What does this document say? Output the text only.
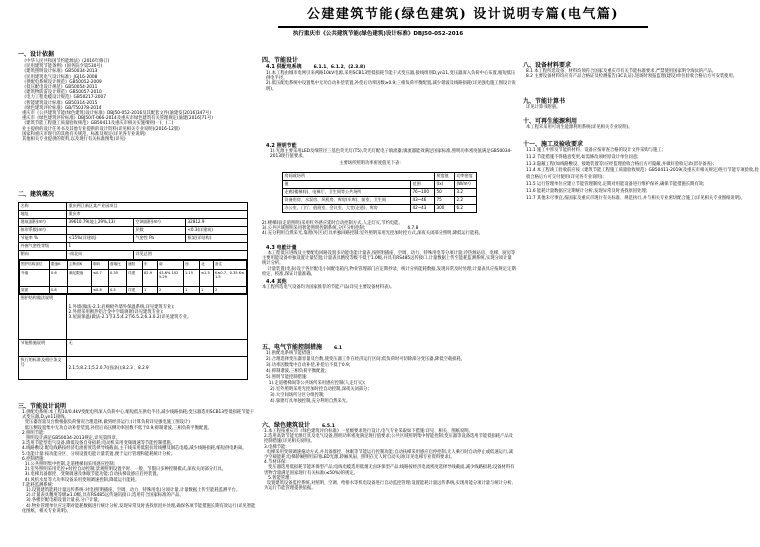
公建建筑节能(绿色建筑) 设计说明专篇(电气篇)
执行重庆市《公共建筑节能(绿色建筑)设计标准》DBJ50-052-2016
一、设计依据
《中华人民共和国节约能源法》(2016年修订)
《民用建筑节能条例》(国务院令第530号)
《建筑照明设计标准》GB50034-2013
《民用建筑电气设计标准》JGJ16-2008
《供配电系统设计规范》GB50052-2009
《低压配电设计规范》GB50054-2011
《建筑物防雷设计规范》GB50057-2010
《电力工程电缆设计规范》GB50217-2007
《智能建筑设计标准》GB50314-2015
《绿色建筑评价标准》GB/T50378-2014
重庆市《公共建筑节能(绿色建筑)设计标准》DBJ50-052-2016及其配套文件(渝建发[2016]347号)
重庆市《绿色建筑评价标准》DBJ50/T-066-2014及重庆市绿色建筑有关管理规定(渝建[2016]71号)
《建筑节能工程施工质量验收规范》GB50411及重庆市相关实施细则(一)、(二)
业主提供的设计任务书及其他专业提供的设计资料(详见相关专业说明)(2016-12版)
国家和重庆市现行的其他有关规范、标准及规定(详见各专业说明)
其他相关专业提供的资料,以及现行有关标准图集(详见)
二、建筑概况
名称	重庆两江新区某产业园项目
地址	重庆市
建筑面积(m²)	39610.79(地上29%,13)	空调面积(m²)	32812.9
体形系数(m²)		层数	<0.3(详建筑)
节能率 %	<15%(详建筑)	气密性 Pa	框架(详结构)
外窗气密性等级	1
朝向	-南北向	详见总图

围护结构部位	限值K	主断面K	朝向	窗墙比	遮阳	东	南	西	北	备注
外墙	0.6	满足限值	≤0.7	0.35	详建	82.9	43.6% 102 5.29	1.15	≤1.5	K≤0.7、0.35 K≤1.5
屋面	0.8		≤0.8	0.5	详建	1	2	1	1	2

围护结构做法说明	
1.外墙(做法-2.1:岩棉板外墙外保温系统,详见建筑专业);
2.外窗采用断热铝合金中空玻璃窗(详见建筑专业);
3.屋面保温(做法-2.1节3.5;4.2节6.5.2;6.3.0.2)详见建筑专业。

节能措施说明	无
执行的标准及相应条文号	2.1.5;8.2.1;5.2.0.7((强条));8.2.3 、8.2.9
三、节能设计说明
1.供配电系统:本工程10/0.4kV变配电所深入负荷中心,缩短低压供电半径,减少线路损耗;变压器选用SCB13型低损耗节能干式变压器,D,yn11接线。
变压器容量及台数根据负荷情况合理选择,做到经济运行;(计算负荷详见强电施工图设计)
低压侧设置集中无功自动补偿装置,补偿后高压侧功率因数不低于0.9;抑制谐波,三相负荷平衡配置。
2.照明节能:
照明设计满足GB50034-2013规定,详见第四章。
3.选用节能型电气设备,降低设备自身损耗;电动机采用变频调速等节能控制措施。
4.线路敷设:配电线路按经济电流密度选择导线截面,主干线采用低阻抗母线槽及铜芯电缆,减少线路损耗,缩短供电距离。
5.电能计量:按功能分区、分项设置电能计量装置,便于运行管理和能耗统计分析。
6.控制措施:
1).公共照明集中控制,走道楼梯间采用感应控制;
2).室外照明采用光控+时控自动控制;景观照明设置平时、一般、节假日多种控制模式,深夜关闭部分灯具。
3).电梯具备群控、变频调速及休眠节能功能;自动扶梯设感应启停装置。
4).风机水泵等大功率设备采用变频调速控制,降低运行能耗。
7.能耗监测系统:
1).设置建筑能耗计量远传系统-对电(照明插座、空调、动力、特殊用电)分项计量,计量数据上传至能耗监测平台。
2).计量表具精度等级≥1.0级,具有RS485远传通讯接口;选用符合国家标准的产品。
3).各楼层配电箱设置计量表,分户计量。
4).物业管理单位应定期对能耗数据进行统计分析,发现异常及时查找原因并处理,确保各项节能措施长期有效运行(详见智能化图纸、相关专业说明)。
四、节能设计
4.1 供配电系统	6.1.1、6.1.2、(2.3.8)
1).本工程由城市电网引来两路10kV电源,采用SCB13型低损耗节能干式变压器,接线组别D,yn11,变压器深入负荷中心布置,缩短低压供电半径。
2).低压配电系统中设置集中无功自动补偿装置,补偿后功率因数≥0.9;三相负荷平衡配置,减少谐波及线路损耗(详见强电施工图设计说明)。
4.2 照明节能
1).光源主要采用LED及细管径三基色荧光灯(T5),荧光灯配电子镇流器;镇流器能效满足国家标准,照明功率密度值满足GB50034-2013现行值要求。
主要场所照明功率密度值见下表:
房间或场所		照度值	功率密度
值	范围	(lx)	(W/m²)
走廊(楼梯间)、电梯厅、卫生间等公共场所	76~100	50	3.2
设备用房、水泵房、风机房、库房(车库)、前室、卫生间	43~46	75	2.2
办公室、门厅、值班室、会议室、大堂(走道)、库房	42~43	300	6.2
2).楼梯间(走道照明)采用红外感应延时自动控制方式,人走灯灭,节约电能。
3).公共区域照明采用智能照明控制系统,分区分组控制;                               6.7.8
4).充分利用自然采光,靠窗(外区)灯具单独回路控制;室外照明采用光控加时控方式,深夜关闭部分照明,降低运行能耗。
4.3 电能计量
本工程低压进线及主要配电回路设置多功能电能计量表,按照明插座、空调、动力、特殊用电等分项计量;冷热源站房、电梯、厨房等主要用能设备单独设置计量装置;计量表具精度等级不低于1.0级,并具有RS485远传接口,计量数据上传至能耗监测系统,实现分项计量统计分析。
计量装置(电表)设于各层配电小间配电箱内,物业管理部门应定期抄录、统计分析能耗数据,发现异常及时处理;计量表具应按规定定期检定、校准,保证计量准确。
4.4 其他
本工程所选电气设备均为国家推荐的节能产品(详见主要设备材料表)。
五、电气节能控制措施	6.1
1).供配电系统节能措施:
2).合理选择变压器容量及台数,使变压器工作在经济运行区间;低负荷时可切除部分变压器,降低空载损耗。
3).功率因数集中自动补偿,补偿后不低于0.9;
4).抑制谐波,三相负荷平衡配置;
5).照明节能控制措施:
1).走道楼梯间等公共场所采用感应控制(人走灯灭);
2).室外照明采用光控加时控自动控制,深夜关闭部分;
3).大空间场所分区分组控制;
4).靠窗灯具单独控制,充分利用自然采光。
六、绿色建筑设计	6.5.1
1.本工程按重庆市《绿色建筑评价标准》一星级要求进行设计,电气专业采取如下措施:详见、相关、图纸说明。
2.选用高效节能光源灯具及电气设备,照明功率密度满足现行值要求;公共区域照明集中智能控制;变压器等设备选用节能低损耗产品及控制措施(详见相关说明)。
3.电梯节能:
电梯采用变频调速拖动方式,并具备群控、休眠等节能运行控制功能;自动扶梯采用感应启停控制,无人乘行时自动停止或低速运行,减少空载能耗;电梯轿厢照明采用LED光源,轿厢风扇、照明在无人时自动关闭(详见电梯专业资料要求)。
4.节材环保:
变压器选用低损耗节能环保型产品;电线电缆选用低烟无卤环保型产品;线路按经济电流密度选择导线截面,减少线路损耗;设备材料有害物含量满足国家现行有关标准(≤50%)的规定。
5.智能管理:
设置建筑设备监控系统,对照明、空调、给排水等机电设备进行自动监控管理;设置能耗计量远传系统,实现用能分项计量与统计分析,为运行节能管理提供依据。
八、设备材料要求
8.1 本工程所选设备、材料均须符合国家及重庆市有关节能标准要求,严禁使用国家明令淘汰的产品。
8.2 主要设备材料均应有产品合格证及检测报告(3C认证),进场时须报监理(建设)单位验收合格后方可安装使用。
九、节能计算书
详见计算书附册。
十、可再生能源利用
本工程未采用可再生能源利用系统(详见相关专业说明)。
十一、施工及验收要求
11.1 施工中涉及节能的材料、设备应按审查合格的设计文件采购与施工;
11.2 节能措施不得随意变更,如需修改须经原设计单位同意;
11.3 隐蔽工程(如线路敷设、接地装置等)应经监理验收合格后方可隐蔽,并做好验收记录(留存备查);
11.4 本工程竣工验收前应按《建筑节能工程施工质量验收规范》GB50411-2019(及重庆市相关规定)进行节能专项验收,验收合格后方可交付使用(详见各专业说明);
11.5 运行管理单位应建立节能管理制度,定期对用能设备进行维护保养,确保节能措施长期有效;
11.6 能耗计量数据应定期统计分析,发现异常及时查找原因处理;
11.7 其他未尽事宜,按国家及重庆市现行有关标准、规范执行,并与相关专业密切配合施工(详见相关专业图纸说明)。
